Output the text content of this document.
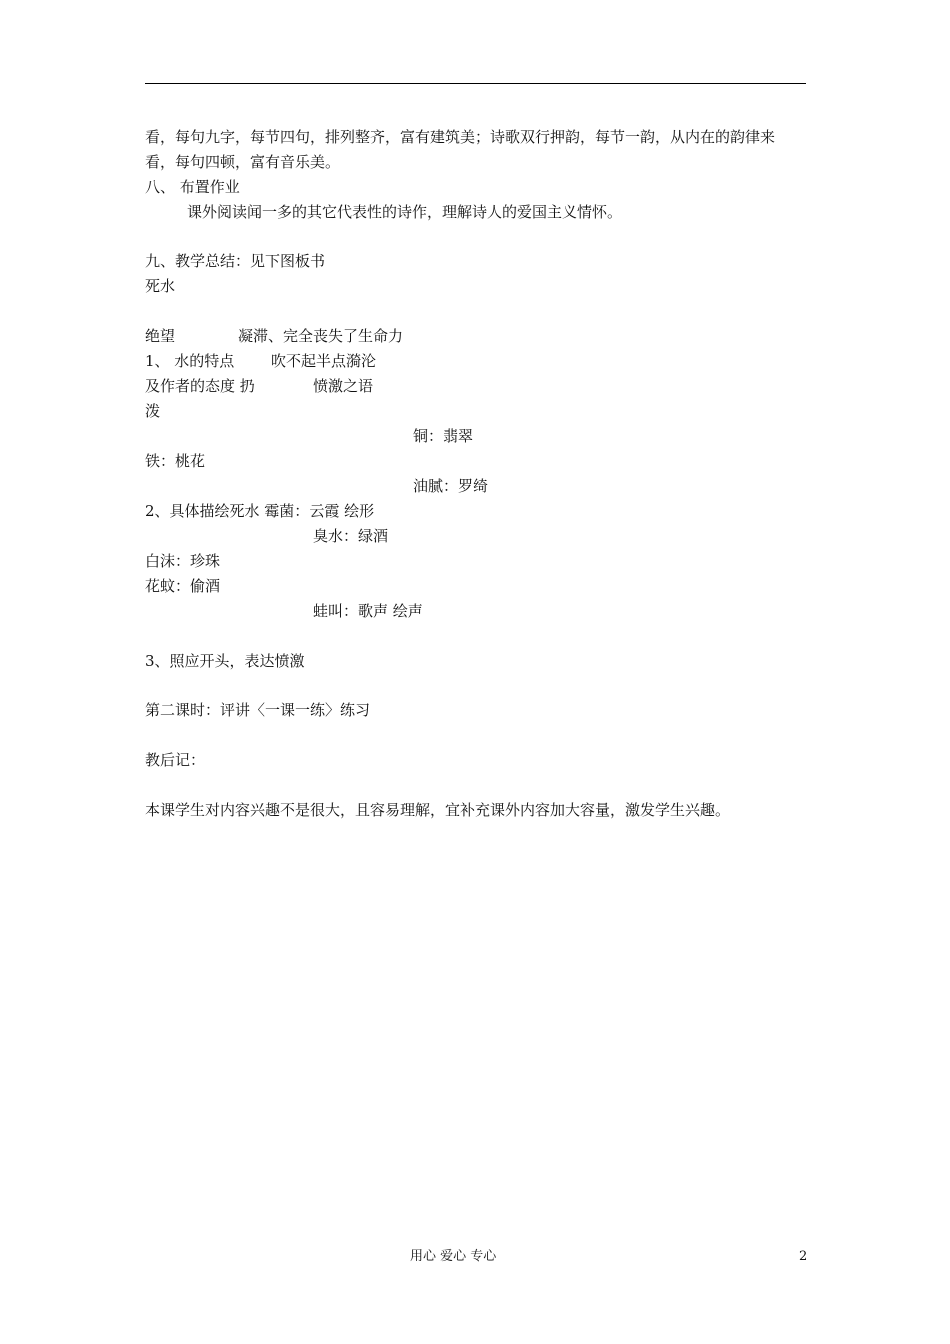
看，每句九字，每节四句，排列整齐，富有建筑美；诗歌双行押韵，每节一韵，从内在的韵律来
看，每句四顿，富有音乐美。
八、 布置作业
课外阅读闻一多的其它代表性的诗作，理解诗人的爱国主义情怀。
九、教学总结：见下图板书
死水
绝望	凝滞、完全丧失了生命力
1、 水的特点 吹不起半点漪沦
及作者的态度 扔	愤激之语
泼
铜：翡翠
铁：桃花
油腻：罗绮
2、具体描绘死水 霉菌：云霞 绘形
臭水：绿酒
白沫：珍珠
花蚊：偷酒
蛙叫：歌声 绘声
3、照应开头，表达愤激
第二课时：评讲〈一课一练〉练习
教后记：
本课学生对内容兴趣不是很大，且容易理解，宜补充课外内容加大容量，激发学生兴趣。
用心 爱心 专心	2
